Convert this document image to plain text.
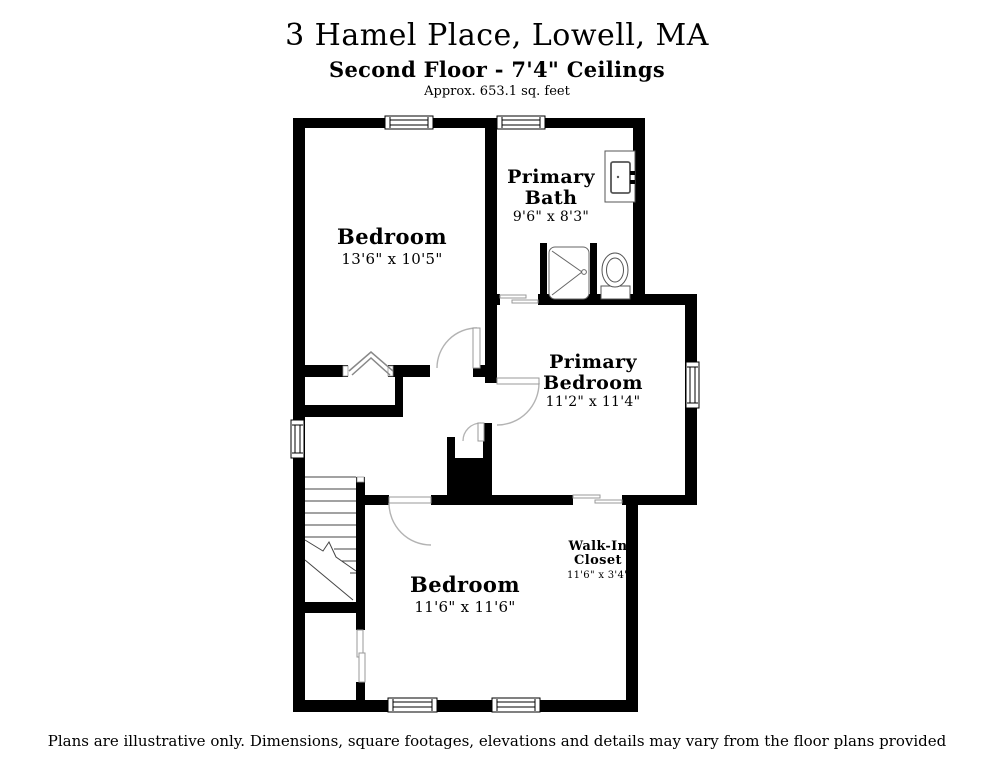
3 Hamel Place, Lowell, MA
Second Floor - 7'4" Ceilings
Approx. 653.1 sq. feet
Bedroom
13'6" x 10'5"
Primary Bath
9'6" x 8'3"
Primary Bedroom
11'2" x 11'4"
Bedroom
11'6" x 11'6"
Walk-In Closet
11'6" x 3'4"
Plans are illustrative only. Dimensions, square footages, elevations and details may vary from the floor plans provided
